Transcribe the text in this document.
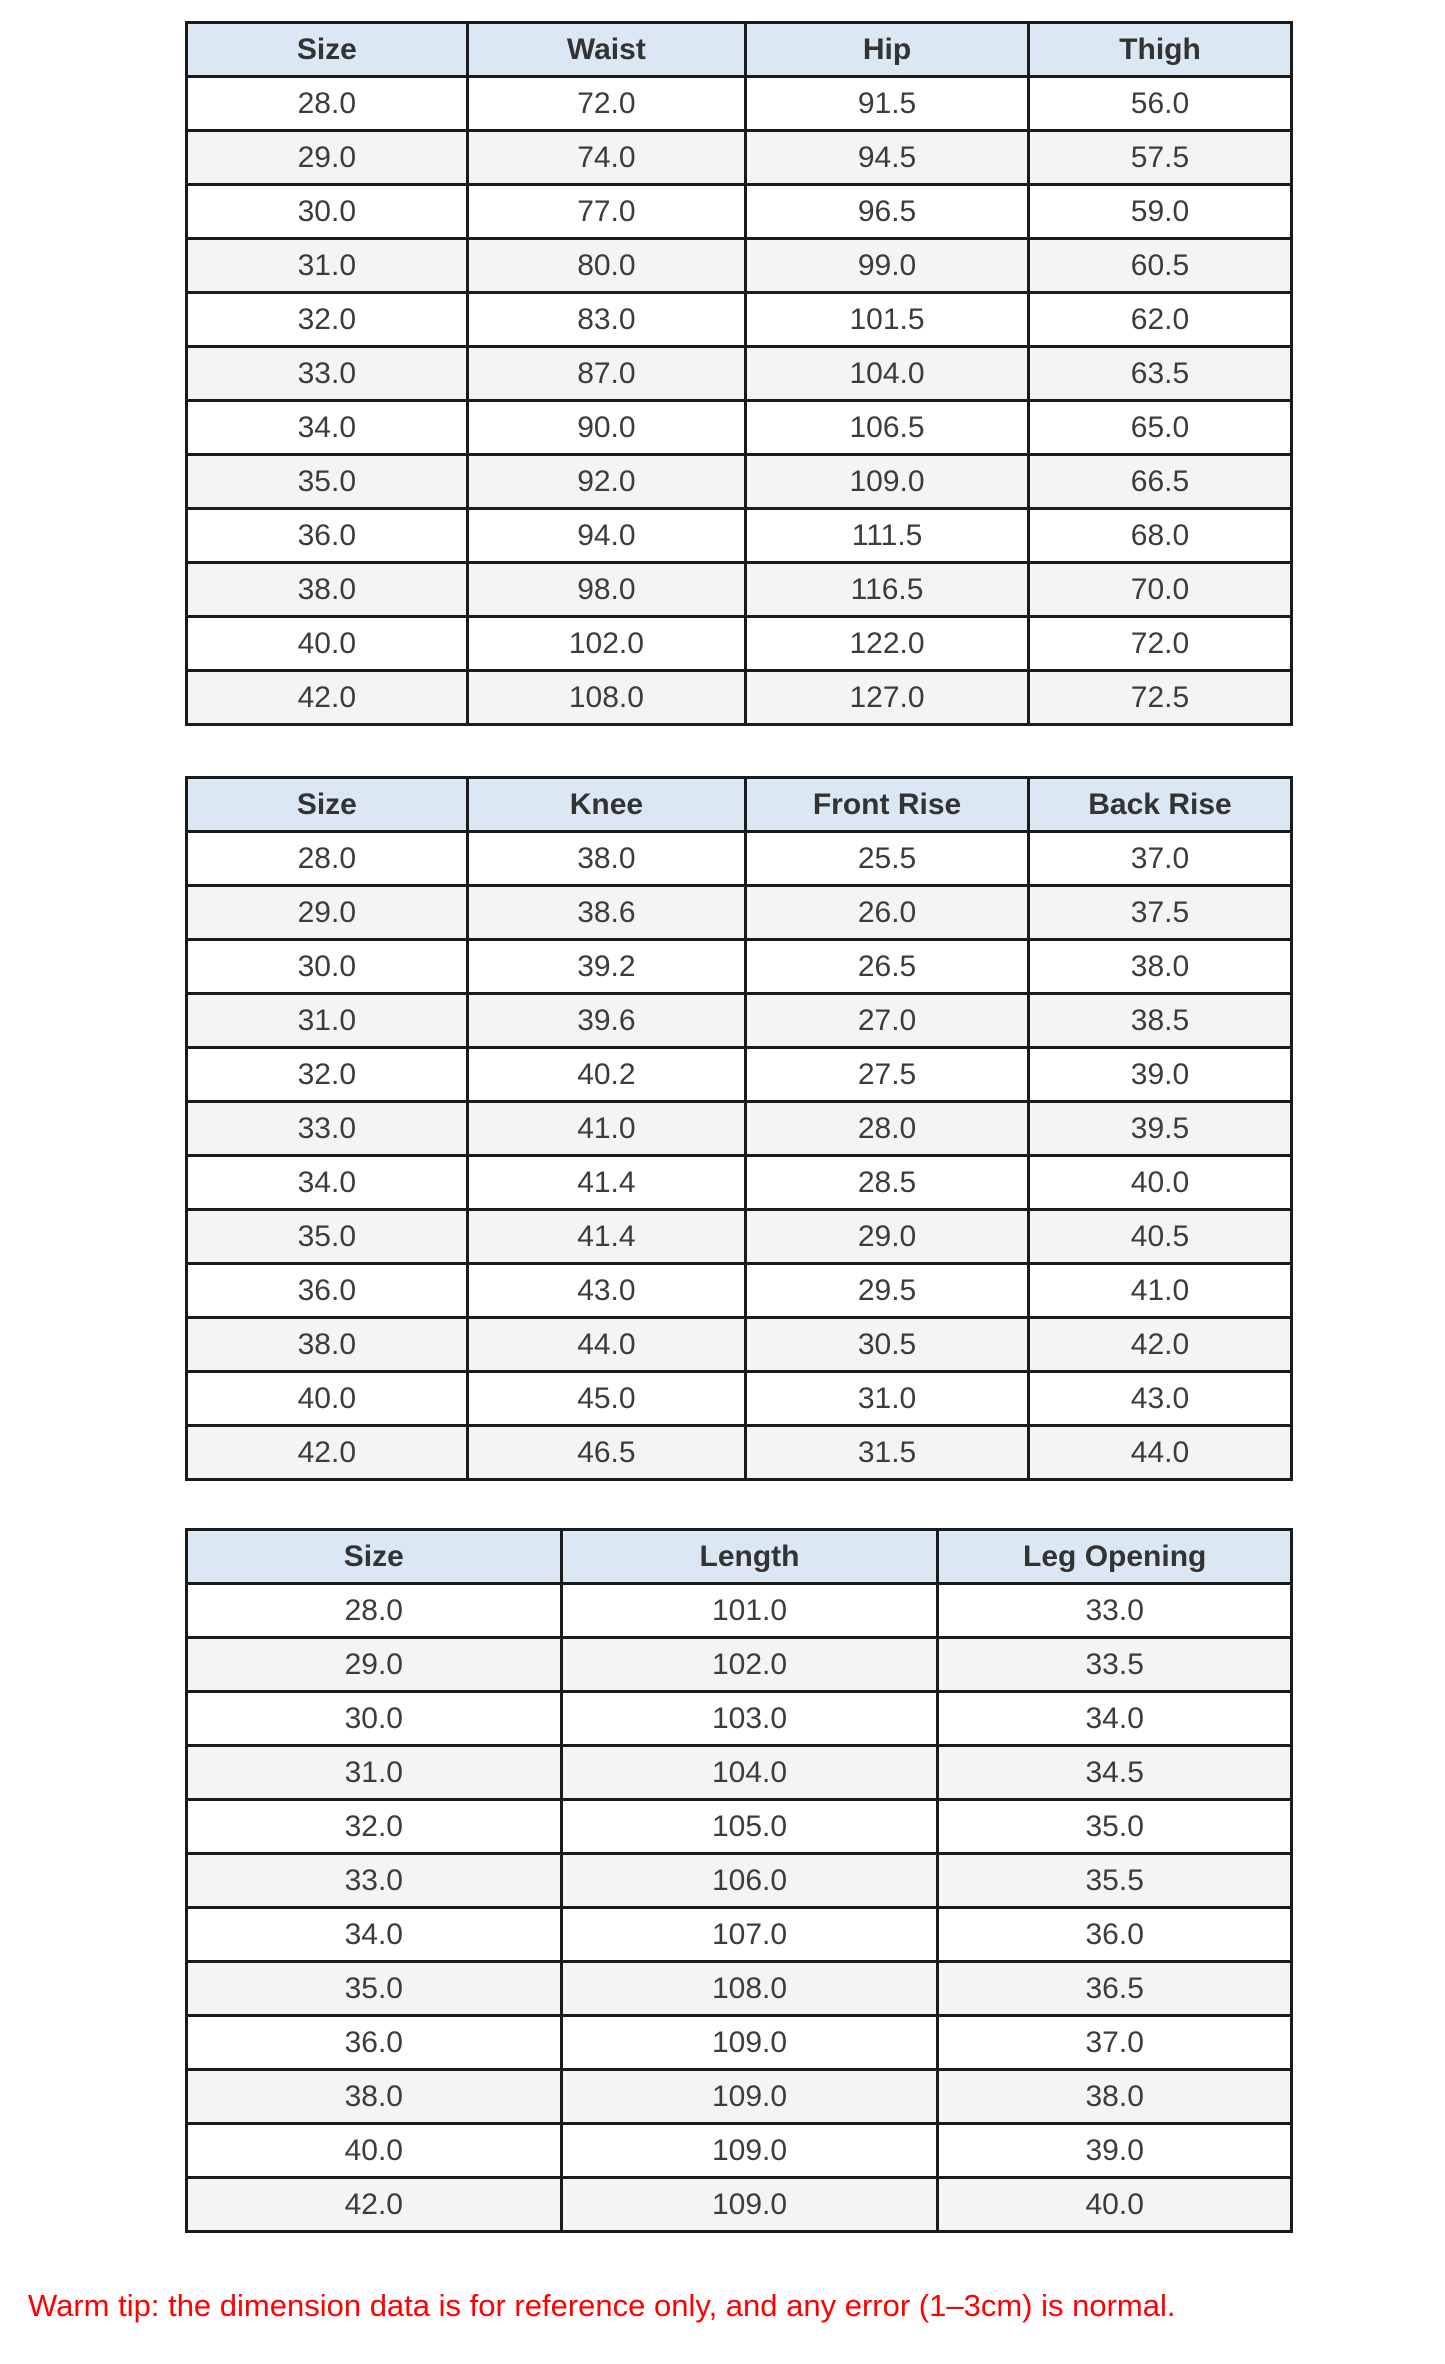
Size	Waist	Hip	Thigh
28.0	72.0	91.5	56.0
29.0	74.0	94.5	57.5
30.0	77.0	96.5	59.0
31.0	80.0	99.0	60.5
32.0	83.0	101.5	62.0
33.0	87.0	104.0	63.5
34.0	90.0	106.5	65.0
35.0	92.0	109.0	66.5
36.0	94.0	111.5	68.0
38.0	98.0	116.5	70.0
40.0	102.0	122.0	72.0
42.0	108.0	127.0	72.5
Size	Knee	Front Rise	Back Rise
28.0	38.0	25.5	37.0
29.0	38.6	26.0	37.5
30.0	39.2	26.5	38.0
31.0	39.6	27.0	38.5
32.0	40.2	27.5	39.0
33.0	41.0	28.0	39.5
34.0	41.4	28.5	40.0
35.0	41.4	29.0	40.5
36.0	43.0	29.5	41.0
38.0	44.0	30.5	42.0
40.0	45.0	31.0	43.0
42.0	46.5	31.5	44.0
Size	Length	Leg Opening
28.0	101.0	33.0
29.0	102.0	33.5
30.0	103.0	34.0
31.0	104.0	34.5
32.0	105.0	35.0
33.0	106.0	35.5
34.0	107.0	36.0
35.0	108.0	36.5
36.0	109.0	37.0
38.0	109.0	38.0
40.0	109.0	39.0
42.0	109.0	40.0

Warm tip: the dimension data is for reference only, and any error (1–3cm) is normal.
